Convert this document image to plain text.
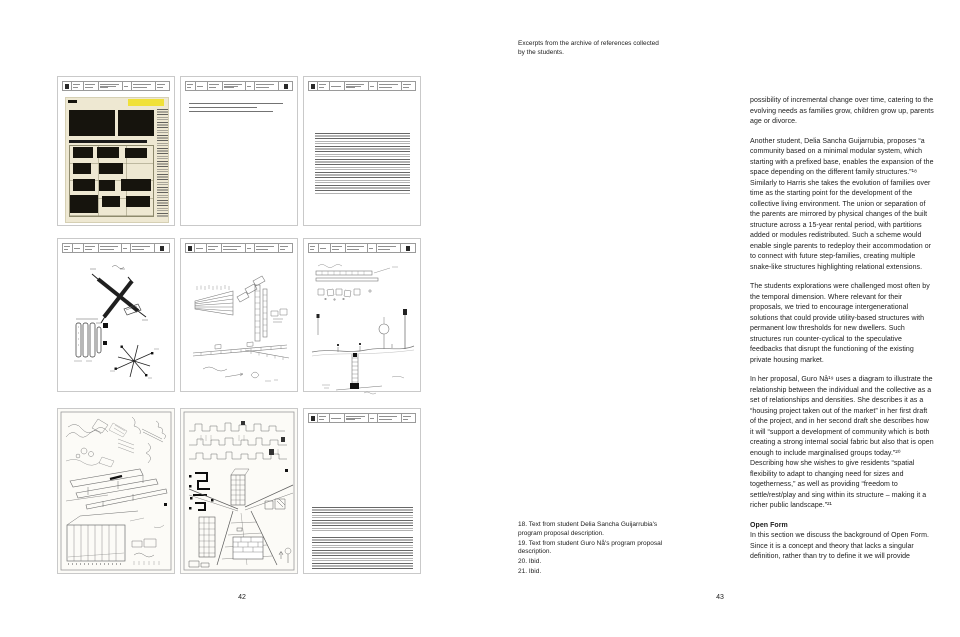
42
Excerpts from the archive of references collected
by the students.
18. Text from student Delia Sancha Guijarrubia's program proposal description.
19. Text from student Guro Nå's program proposal description.
20. Ibid.
21. Ibid.

possibility of incremental change over time, catering to the evolving needs as families grow, children grow up, parents age or divorce.

Another student, Delia Sancha Guijarrubia, proposes “a community based on a minimal modular system, which starting with a prefixed base, enables the expansion of the space depending on the different family structures.”¹⁸ Similarly to Harris she takes the evolution of families over time as the starting point for the development of the collective living environment. The union or separation of the parents are mirrored by physical changes of the built structure across a 15-year rental period, with partitions added or modules redistributed. Such a scheme would enable single parents to redeploy their accommodation or to connect with future step-families, creating multiple snake-like structures highlighting relational extensions.

The students explorations were challenged most often by the temporal dimension. Where relevant for their proposals, we tried to encourage intergenerational solutions that could provide utility-based structures with permanent low thresholds for new dwellers. Such structures run counter-cyclical to the speculative feedbacks that disrupt the functioning of the existing private housing market.

In her proposal, Guro Nå¹⁹ uses a diagram to illustrate the relationship between the individual and the collective as a set of relationships and densities. She describes it as a “housing project taken out of the market” in her first draft of the project, and in her second draft she describes how it will “support a development of community which is both creating a strong internal social fabric but also that is open enough to include marginalised groups today.”²⁰ Describing how she wishes to give residents “spatial flexibility to adapt to changing need for sizes and togetherness,” as well as providing “freedom to settle/rest/play and sing within its structure – making it a richer public landscape.”²¹

Open Form

In this section we discuss the background of Open Form. Since it is a concept and theory that lacks a singular definition, rather than try to define it we will provide

43
